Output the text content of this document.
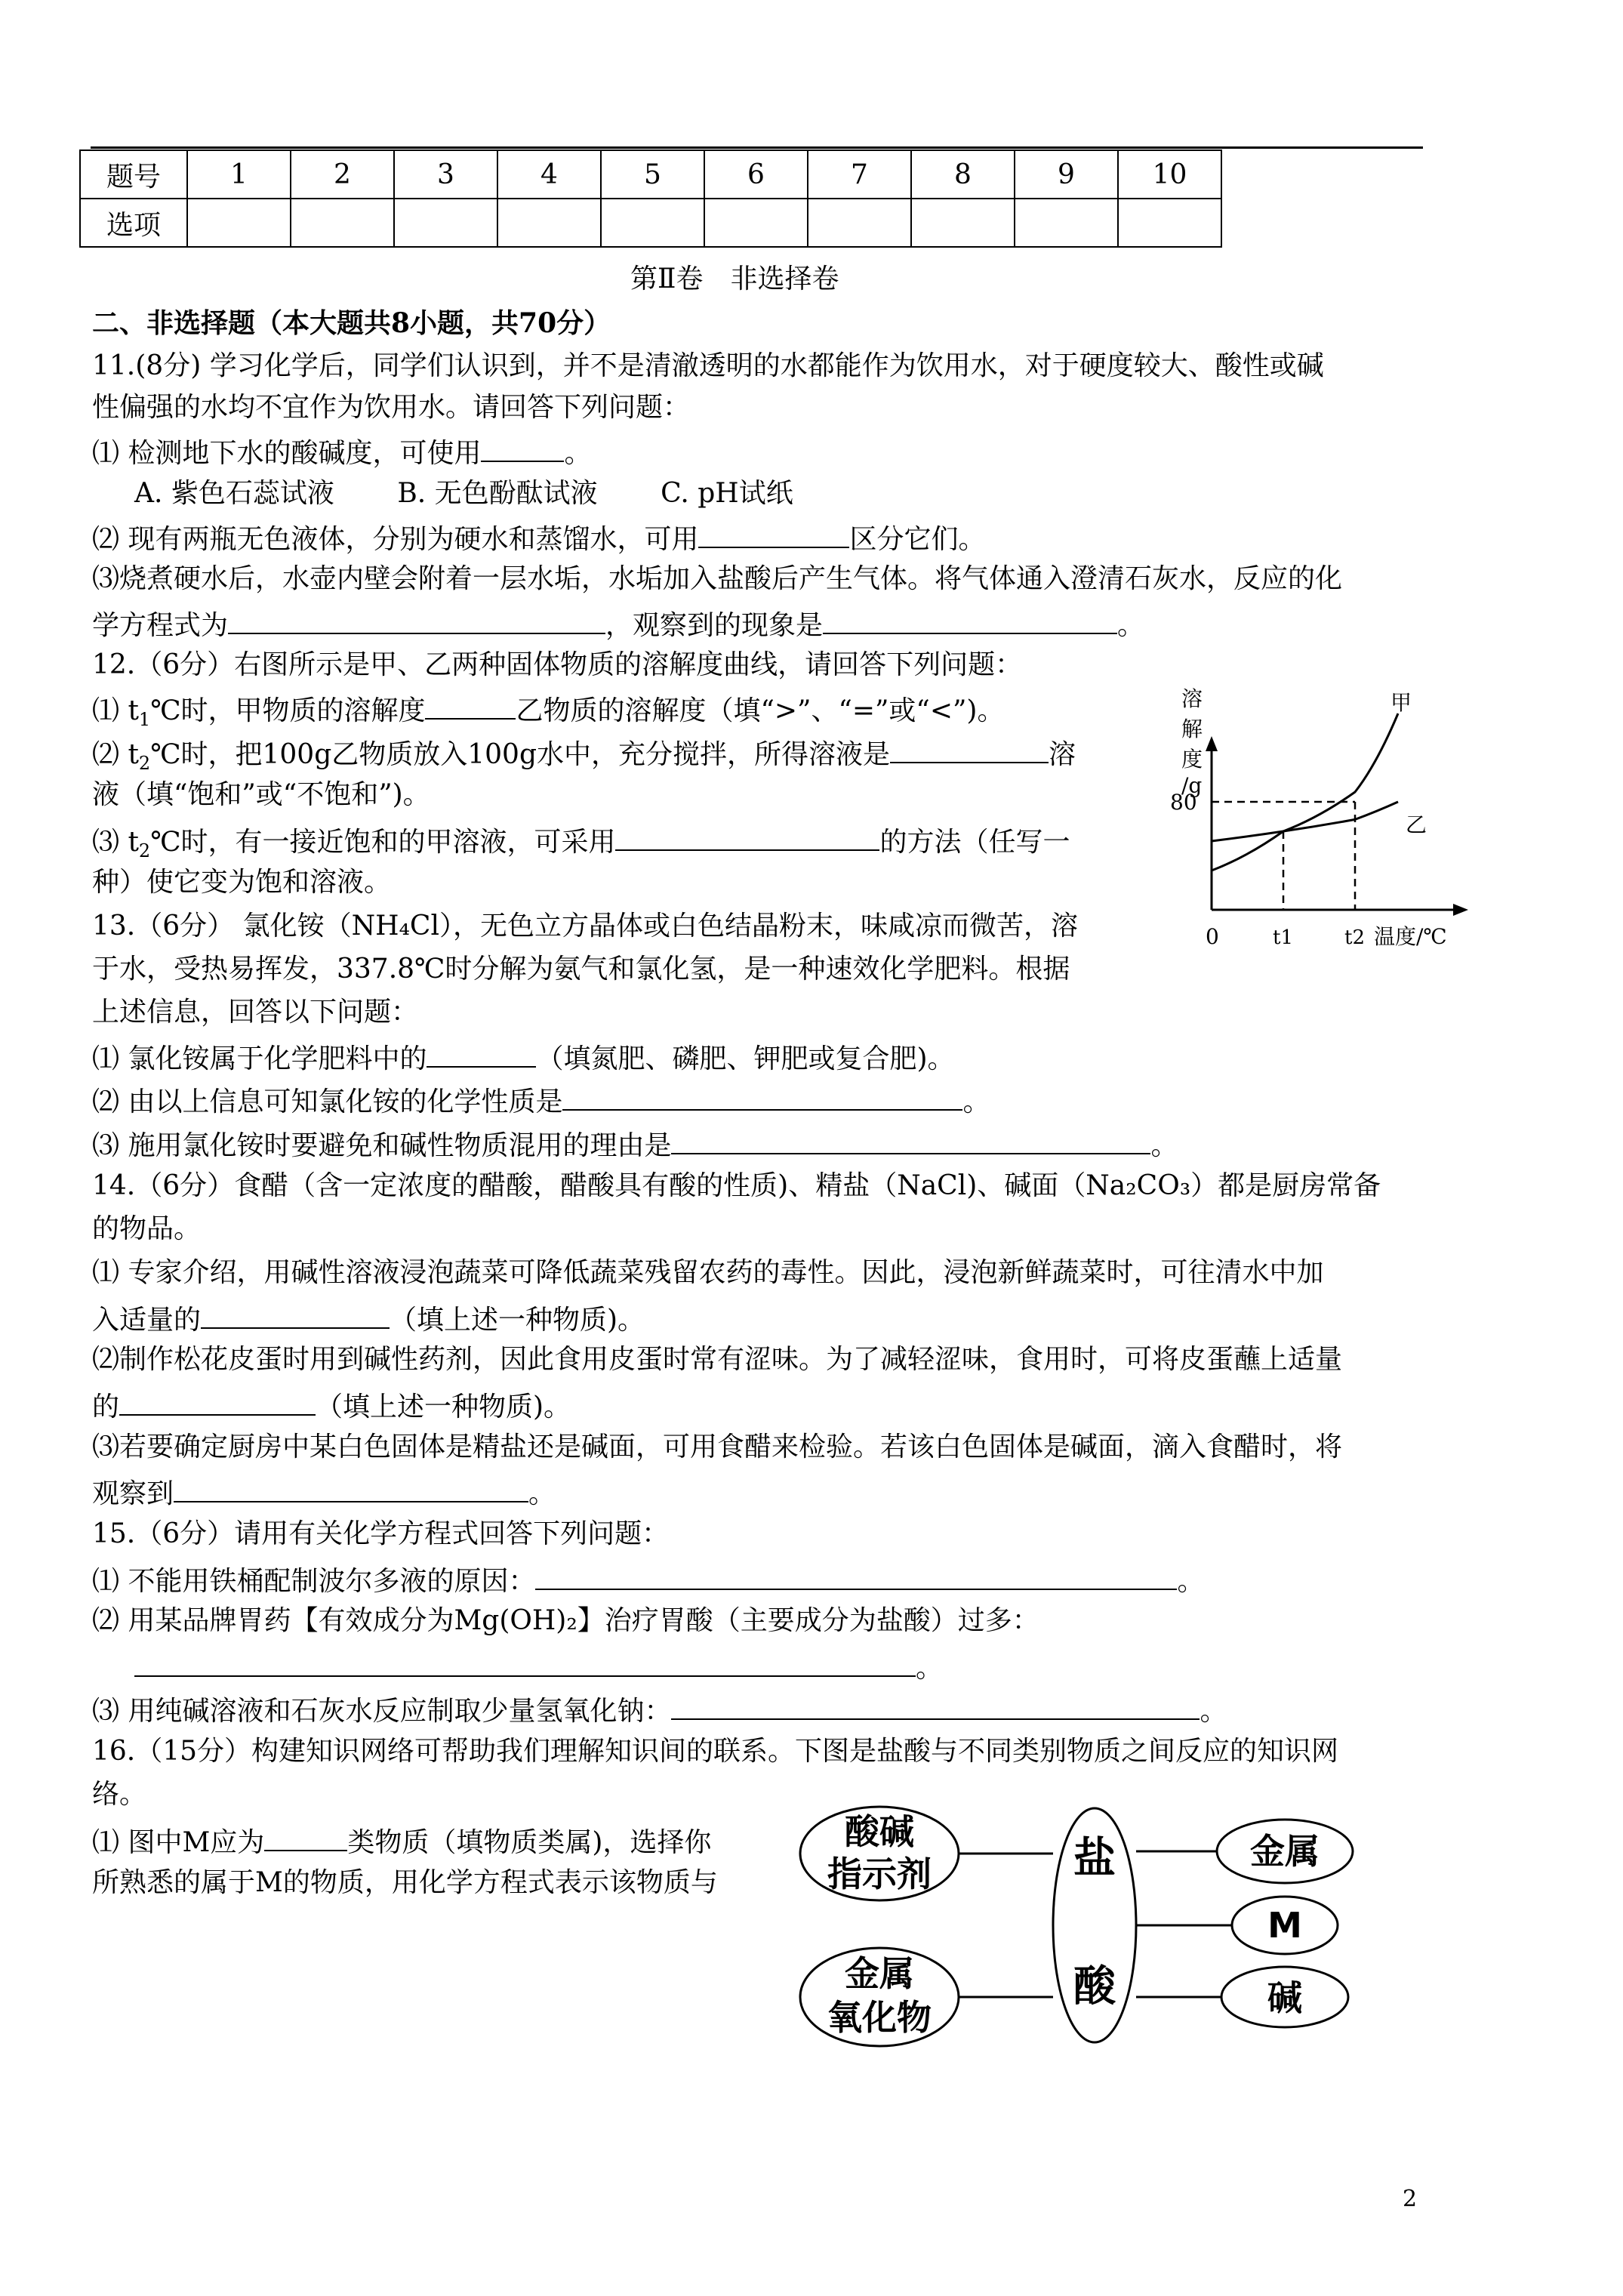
题号	1	2	3	4	5	6	7	8	9	10
选项										
第Ⅱ卷　非选择卷
二、非选择题（本大题共8小题，共70分）
11.(8分) 学习化学后，同学们认识到，并不是清澈透明的水都能作为饮用水，对于硬度较大、酸性或碱
性偏强的水均不宜作为饮用水。请回答下列问题：
⑴ 检测地下水的酸碱度，可使用	。
A. 紫色石蕊试液　　 B. 无色酚酞试液　　 C. pH试纸
⑵ 现有两瓶无色液体，分别为硬水和蒸馏水，可用	区分它们。
⑶烧煮硬水后，水壶内壁会附着一层水垢，水垢加入盐酸后产生气体。将气体通入澄清石灰水，反应的化
学方程式为	，观察到的现象是	。
12.（6分）右图所示是甲、乙两种固体物质的溶解度曲线，请回答下列问题：
⑴ $t_1℃$时，甲物质的溶解度	乙物质的溶解度（填“>”、“=”或“<”)。
⑵ $t_2℃$时，把100g乙物质放入100g水中，充分搅拌，所得溶液是	溶
液（填“饱和”或“不饱和”)。
⑶ $t_2℃$时，有一接近饱和的甲溶液，可采用	的方法（任写一
种）使它变为饱和溶液。
溶
解
度
/g
甲
乙
80
0	t1	t2 温度/℃
13.（6分） 氯化铵（NH₄Cl），无色立方晶体或白色结晶粉末，味咸凉而微苦，溶
于水，受热易挥发，337.8℃时分解为氨气和氯化氢，是一种速效化学肥料。根据
上述信息，回答以下问题：
⑴ 氯化铵属于化学肥料中的	（填氮肥、磷肥、钾肥或复合肥)。
⑵ 由以上信息可知氯化铵的化学性质是	。
⑶ 施用氯化铵时要避免和碱性物质混用的理由是	。
14.（6分）食醋（含一定浓度的醋酸，醋酸具有酸的性质)、精盐（NaCl)、碱面（Na₂CO₃）都是厨房常备
的物品。
⑴ 专家介绍，用碱性溶液浸泡蔬菜可降低蔬菜残留农药的毒性。因此，浸泡新鲜蔬菜时，可往清水中加
入适量的	（填上述一种物质)。
⑵制作松花皮蛋时用到碱性药剂，因此食用皮蛋时常有涩味。为了减轻涩味，食用时，可将皮蛋蘸上适量
的	（填上述一种物质)。
⑶若要确定厨房中某白色固体是精盐还是碱面，可用食醋来检验。若该白色固体是碱面，滴入食醋时，将
观察到	。
15.（6分）请用有关化学方程式回答下列问题：
⑴ 不能用铁桶配制波尔多液的原因：	。
⑵ 用某品牌胃药【有效成分为Mg(OH)₂】治疗胃酸（主要成分为盐酸）过多：
。
⑶ 用纯碱溶液和石灰水反应制取少量氢氧化钠：	。
16.（15分）构建知识网络可帮助我们理解知识间的联系。下图是盐酸与不同类别物质之间反应的知识网
络。
⑴ 图中M应为	类物质（填物质类属)，选择你
所熟悉的属于M的物质，用化学方程式表示该物质与
酸碱
指示剂
金属
氧化物
盐
酸
金属
M
碱
2
